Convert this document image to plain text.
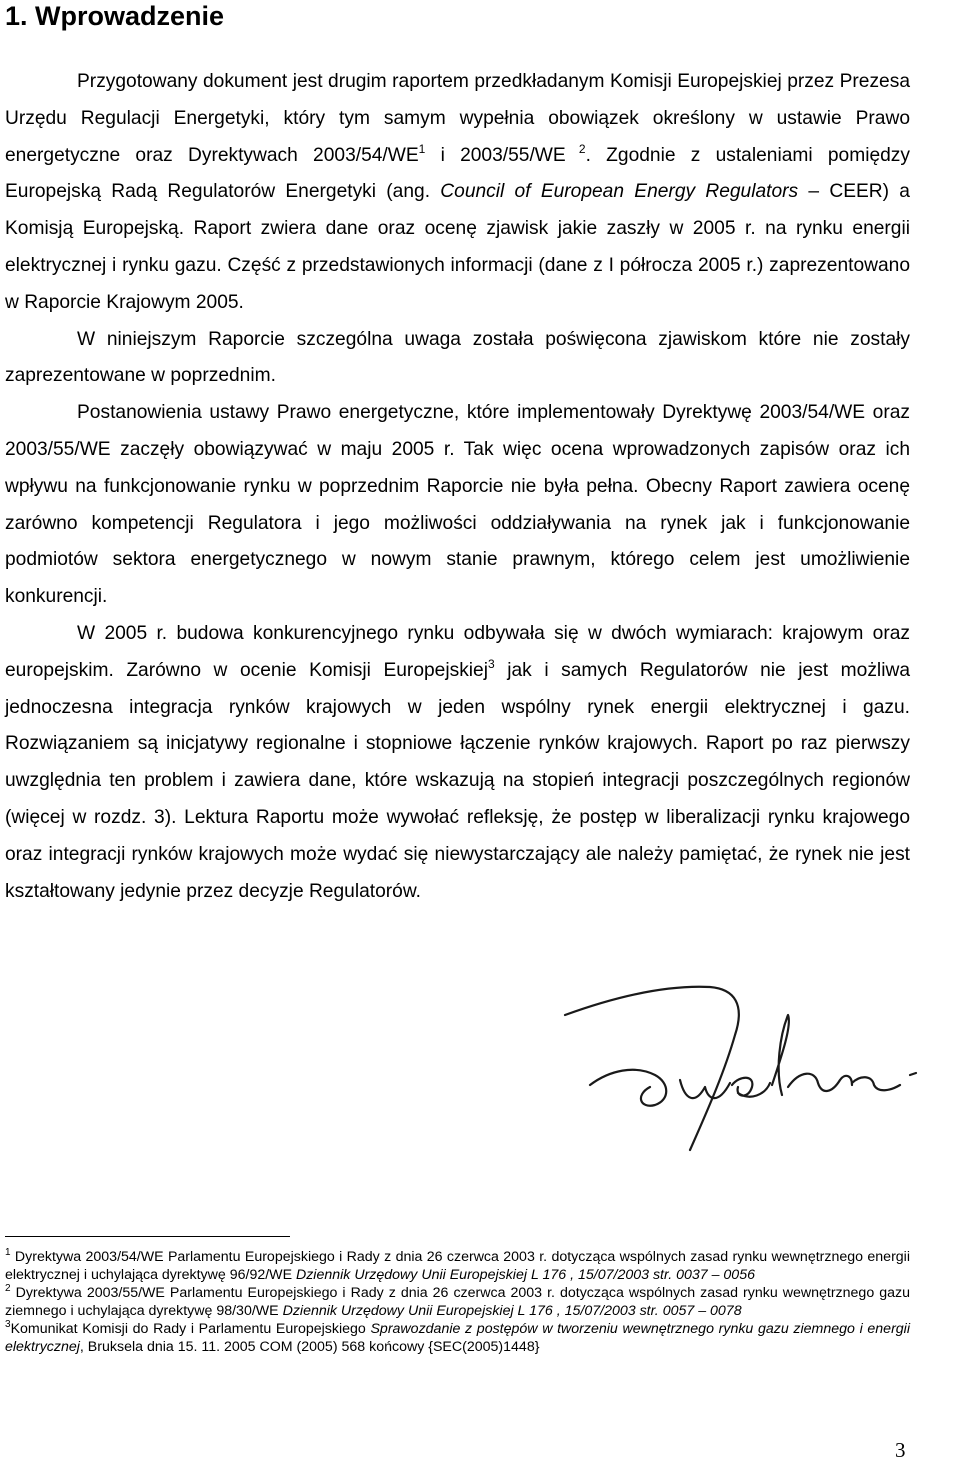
1. Wprowadzenie

Przygotowany dokument jest drugim raportem przedkładanym Komisji Europejskiej przez Prezesa Urzędu Regulacji Energetyki, który tym samym wypełnia obowiązek określony w ustawie Prawo energetyczne oraz Dyrektywach $2003/54/WE^1$ i 2003/55/WE $^2$. Zgodnie z ustaleniami pomiędzy Europejską Radą Regulatorów Energetyki (ang. Council of European Energy Regulators – CEER) a Komisją Europejską. Raport zwiera dane oraz ocenę zjawisk jakie zaszły w 2005 r. na rynku energii elektrycznej i rynku gazu. Część z przedstawionych informacji (dane z I półrocza 2005 r.) zaprezentowano w Raporcie Krajowym 2005.

W niniejszym Raporcie szczególna uwaga została poświęcona zjawiskom które nie zostały zaprezentowane w poprzednim.

Postanowienia ustawy Prawo energetyczne, które implementowały Dyrektywę 2003/54/WE oraz 2003/55/WE zaczęły obowiązywać w maju 2005 r. Tak więc ocena wprowadzonych zapisów oraz ich wpływu na funkcjonowanie rynku w poprzednim Raporcie nie była pełna. Obecny Raport zawiera ocenę zarówno kompetencji Regulatora i jego możliwości oddziaływania na rynek jak i funkcjonowanie podmiotów sektora energetycznego w nowym stanie prawnym, którego celem jest umożliwienie konkurencji.

W 2005 r. budowa konkurencyjnego rynku odbywała się w dwóch wymiarach: krajowym oraz europejskim. Zarówno w ocenie Komisji Europejskiej$^3$ jak i samych Regulatorów nie jest możliwa jednoczesna integracja rynków krajowych w jeden wspólny rynek energii elektrycznej i gazu. Rozwiązaniem są inicjatywy regionalne i stopniowe łączenie rynków krajowych. Raport po raz pierwszy uwzględnia ten problem i zawiera dane, które wskazują na stopień integracji poszczególnych regionów (więcej w rozdz. 3). Lektura Raportu może wywołać refleksję, że postęp w liberalizacji rynku krajowego oraz integracji rynków krajowych może wydać się niewystarczający ale należy pamiętać, że rynek nie jest kształtowany jedynie przez decyzje Regulatorów.

$^1$ Dyrektywa 2003/54/WE Parlamentu Europejskiego i Rady z dnia 26 czerwca 2003 r. dotycząca wspólnych zasad rynku wewnętrznego energii elektrycznej i uchylająca dyrektywę 96/92/WE Dziennik Urzędowy Unii Europejskiej L 176 , 15/07/2003 str. 0037 – 0056

$^2$ Dyrektywa 2003/55/WE Parlamentu Europejskiego i Rady z dnia 26 czerwca 2003 r. dotycząca wspólnych zasad rynku wewnętrznego gazu ziemnego i uchylająca dyrektywę 98/30/WE Dziennik Urzędowy Unii Europejskiej L 176 , 15/07/2003 str. 0057 – 0078

$^3$Komunikat Komisji do Rady i Parlamentu Europejskiego Sprawozdanie z postępów w tworzeniu wewnętrznego rynku gazu ziemnego i energii elektrycznej, Bruksela dnia 15. 11. 2005 COM (2005) 568 końcowy {SEC(2005)1448}

3
